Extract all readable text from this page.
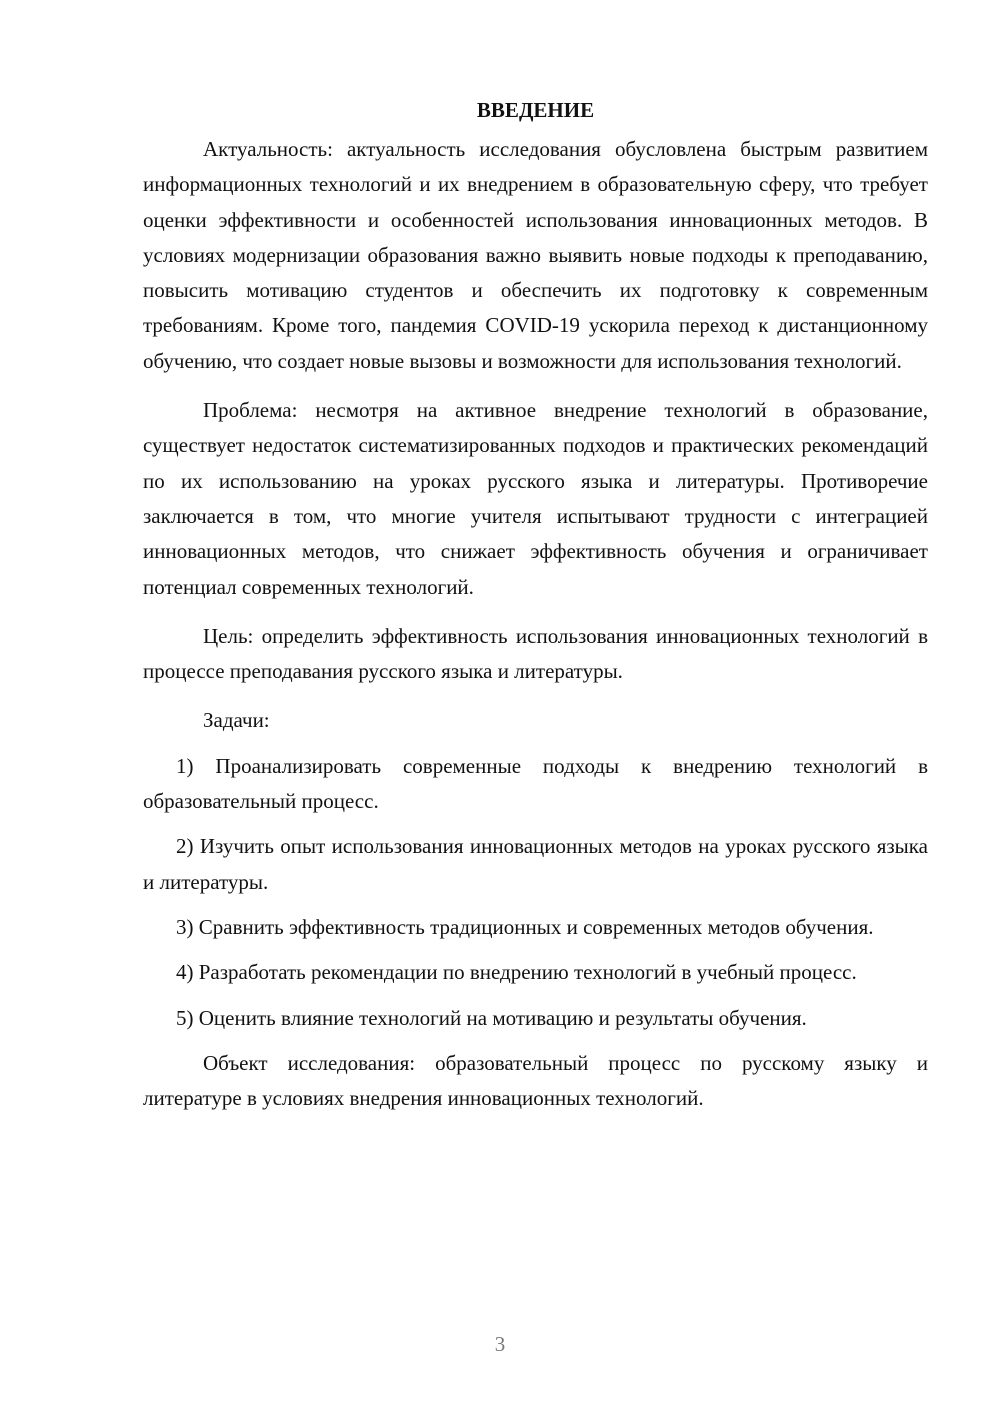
ВВЕДЕНИЕ

Актуальность: актуальность исследования обусловлена быстрым развитием информационных технологий и их внедрением в образовательную сферу, что требует оценки эффективности и особенностей использования инновационных методов. В условиях модернизации образования важно выявить новые подходы к преподаванию, повысить мотивацию студентов и обеспечить их подготовку к современным требованиям. Кроме того, пандемия COVID-19 ускорила переход к дистанционному обучению, что создает новые вызовы и возможности для использования технологий.

Проблема: несмотря на активное внедрение технологий в образование, существует недостаток систематизированных подходов и практических рекомендаций по их использованию на уроках русского языка и литературы. Противоречие заключается в том, что многие учителя испытывают трудности с интеграцией инновационных методов, что снижает эффективность обучения и ограничивает потенциал современных технологий.

Цель: определить эффективность использования инновационных технологий в процессе преподавания русского языка и литературы.

Задачи:

1) Проанализировать современные подходы к внедрению технологий в образовательный процесс.

2) Изучить опыт использования инновационных методов на уроках русского языка и литературы.

3) Сравнить эффективность традиционных и современных методов обучения.

4) Разработать рекомендации по внедрению технологий в учебный процесс.

5) Оценить влияние технологий на мотивацию и результаты обучения.

Объект исследования: образовательный процесс по русскому языку и литературе в условиях внедрения инновационных технологий.

3
